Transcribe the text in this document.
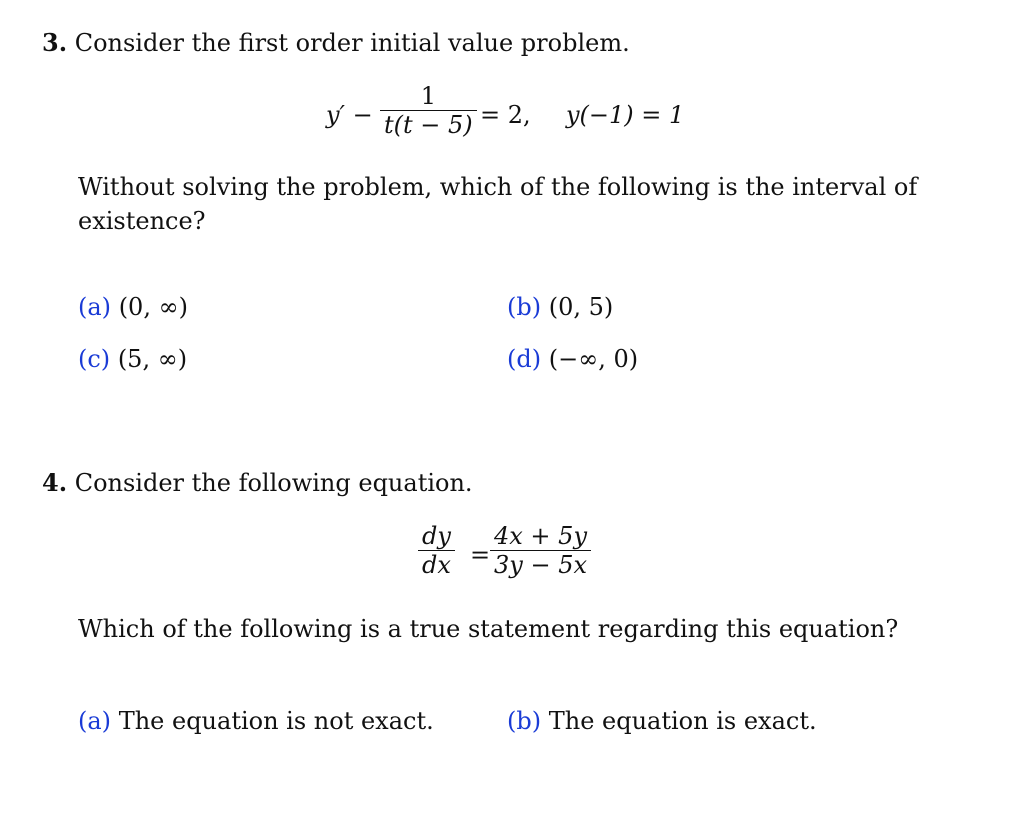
3. Consider the first order initial value problem.
y′ −
1
t(t − 5) = 2, y(−1) = 1
Without solving the problem, which of the following is the interval of
existence?
(a) (0, ∞)	(b) (0, 5)
(c) (5, ∞)	(d) (−∞, 0)
4. Consider the following equation.
dy
dx =
4x + 5y
3y − 5x
Which of the following is a true statement regarding this equation?
(a) The equation is not exact.	(b) The equation is exact.
